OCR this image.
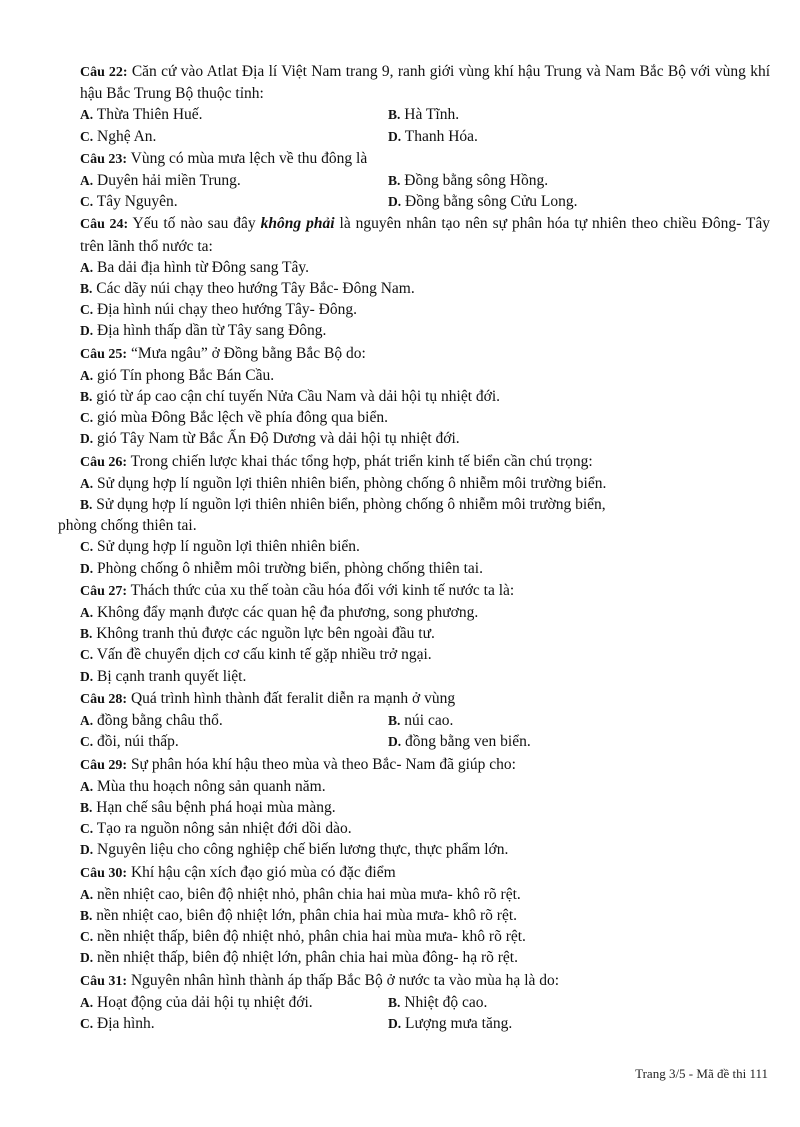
Câu 22: Căn cứ vào Atlat Địa lí Việt Nam trang 9, ranh giới vùng khí hậu Trung và Nam Bắc Bộ với vùng khí hậu Bắc Trung Bộ thuộc tỉnh:
A. Thừa Thiên Huế.	B. Hà Tĩnh.
C. Nghệ An.	D. Thanh Hóa.
Câu 23: Vùng có mùa mưa lệch về thu đông là
A. Duyên hải miền Trung.	B. Đồng bằng sông Hồng.
C. Tây Nguyên.	D. Đồng bằng sông Cửu Long.
Câu 24: Yếu tố nào sau đây không phải là nguyên nhân tạo nên sự phân hóa tự nhiên theo chiều Đông- Tây trên lãnh thổ nước ta:
A. Ba dải địa hình từ Đông sang Tây.
B. Các dãy núi chạy theo hướng Tây Bắc- Đông Nam.
C. Địa hình núi chạy theo hướng Tây- Đông.
D. Địa hình thấp dần từ Tây sang Đông.
Câu 25: “Mưa ngâu” ở Đồng bằng Bắc Bộ do:
A. gió Tín phong Bắc Bán Cầu.
B. gió từ áp cao cận chí tuyến Nửa Cầu Nam và dải hội tụ nhiệt đới.
C. gió mùa Đông Bắc lệch về phía đông qua biển.
D. gió Tây Nam từ Bắc Ấn Độ Dương và dải hội tụ nhiệt đới.
Câu 26: Trong chiến lược khai thác tổng hợp, phát triển kinh tế biển cần chú trọng:
A. Sử dụng hợp lí nguồn lợi thiên nhiên biển, phòng chống ô nhiễm môi trường biển.
B. Sử dụng hợp lí nguồn lợi thiên nhiên biển, phòng chống ô nhiễm môi trường biển,
phòng chống thiên tai.
C. Sử dụng hợp lí nguồn lợi thiên nhiên biển.
D. Phòng chống ô nhiễm môi trường biển, phòng chống thiên tai.
Câu 27: Thách thức của xu thế toàn cầu hóa đối với kinh tế nước ta là:
A. Không đẩy mạnh được các quan hệ đa phương, song phương.
B. Không tranh thủ được các nguồn lực bên ngoài đầu tư.
C. Vấn đề chuyển dịch cơ cấu kinh tế gặp nhiều trở ngại.
D. Bị cạnh tranh quyết liệt.
Câu 28: Quá trình hình thành đất feralit diễn ra mạnh ở vùng
A. đồng bằng châu thổ.	B. núi cao.
C. đồi, núi thấp.	D. đồng bằng ven biển.
Câu 29: Sự phân hóa khí hậu theo mùa và theo Bắc- Nam đã giúp cho:
A. Mùa thu hoạch nông sản quanh năm.
B. Hạn chế sâu bệnh phá hoại mùa màng.
C. Tạo ra nguồn nông sản nhiệt đới dồi dào.
D. Nguyên liệu cho công nghiệp chế biến lương thực, thực phẩm lớn.
Câu 30: Khí hậu cận xích đạo gió mùa có đặc điểm
A. nền nhiệt cao, biên độ nhiệt nhỏ, phân chia hai mùa mưa- khô rõ rệt.
B. nền nhiệt cao, biên độ nhiệt lớn, phân chia hai mùa mưa- khô rõ rệt.
C. nền nhiệt thấp, biên độ nhiệt nhỏ, phân chia hai mùa mưa- khô rõ rệt.
D. nền nhiệt thấp, biên độ nhiệt lớn, phân chia hai mùa đông- hạ rõ rệt.
Câu 31: Nguyên nhân hình thành áp thấp Bắc Bộ ở nước ta vào mùa hạ là do:
A. Hoạt động của dải hội tụ nhiệt đới.	B. Nhiệt độ cao.
C. Địa hình.	D. Lượng mưa tăng.
Trang 3/5 - Mã đề thi 111
